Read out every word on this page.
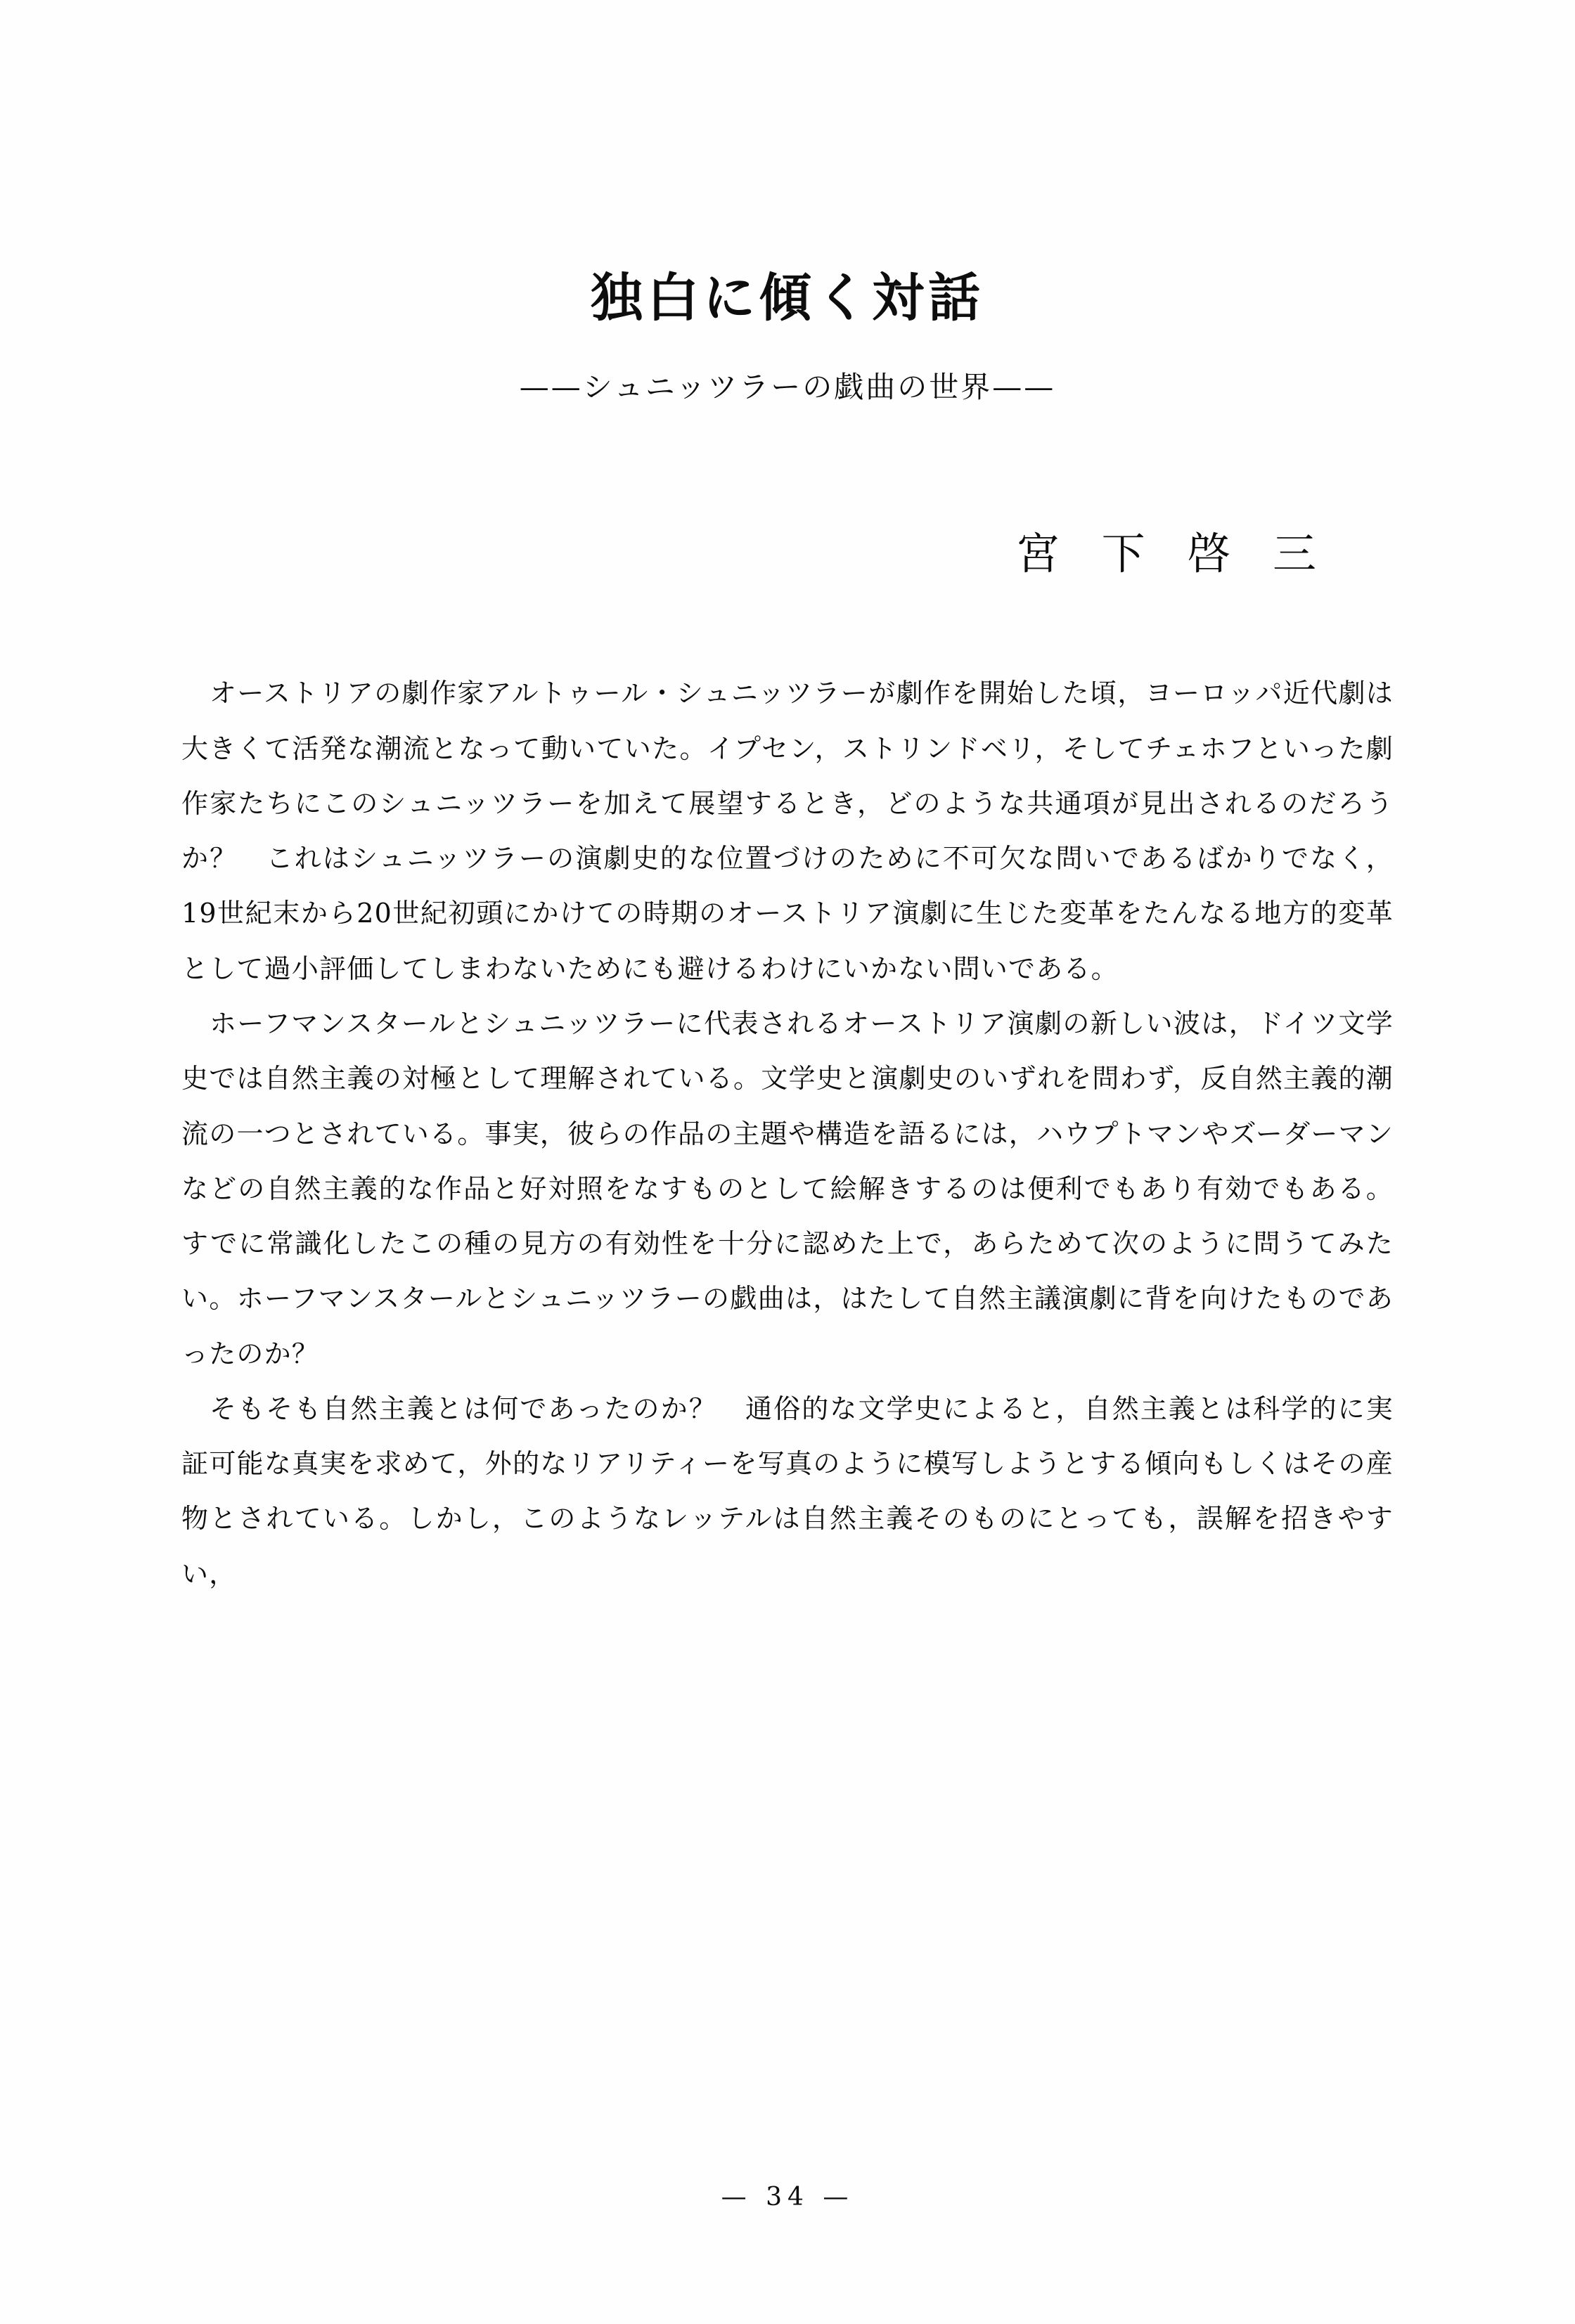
独白に傾く対話
——シュニッツラーの戯曲の世界——
宮 下 啓 三

オーストリアの劇作家アルトゥール・シュニッツラーが劇作を開始した頃，ヨーロッパ近代劇は大きくて活発な潮流となって動いていた。イプセン，ストリンドベリ，そしてチェホフといった劇作家たちにこのシュニッツラーを加えて展望するとき，どのような共通項が見出されるのだろうか？　これはシュニッツラーの演劇史的な位置づけのために不可欠な問いであるばかりでなく，19世紀末から20世紀初頭にかけての時期のオーストリア演劇に生じた変革をたんなる地方的変革として過小評価してしまわないためにも避けるわけにいかない問いである。

ホーフマンスタールとシュニッツラーに代表されるオーストリア演劇の新しい波は，ドイツ文学史では自然主義の対極として理解されている。文学史と演劇史のいずれを問わず，反自然主義的潮流の一つとされている。事実，彼らの作品の主題や構造を語るには，ハウプトマンやズーダーマンなどの自然主義的な作品と好対照をなすものとして絵解きするのは便利でもあり有効でもある。すでに常識化したこの種の見方の有効性を十分に認めた上で，あらためて次のように問うてみたい。ホーフマンスタールとシュニッツラーの戯曲は，はたして自然主議演劇に背を向けたものであったのか？

そもそも自然主義とは何であったのか？　通俗的な文学史によると，自然主義とは科学的に実証可能な真実を求めて，外的なリアリティーを写真のように模写しようとする傾向もしくはその産物とされている。しかし，このようなレッテルは自然主義そのものにとっても，誤解を招きやすい，

— 34 —
